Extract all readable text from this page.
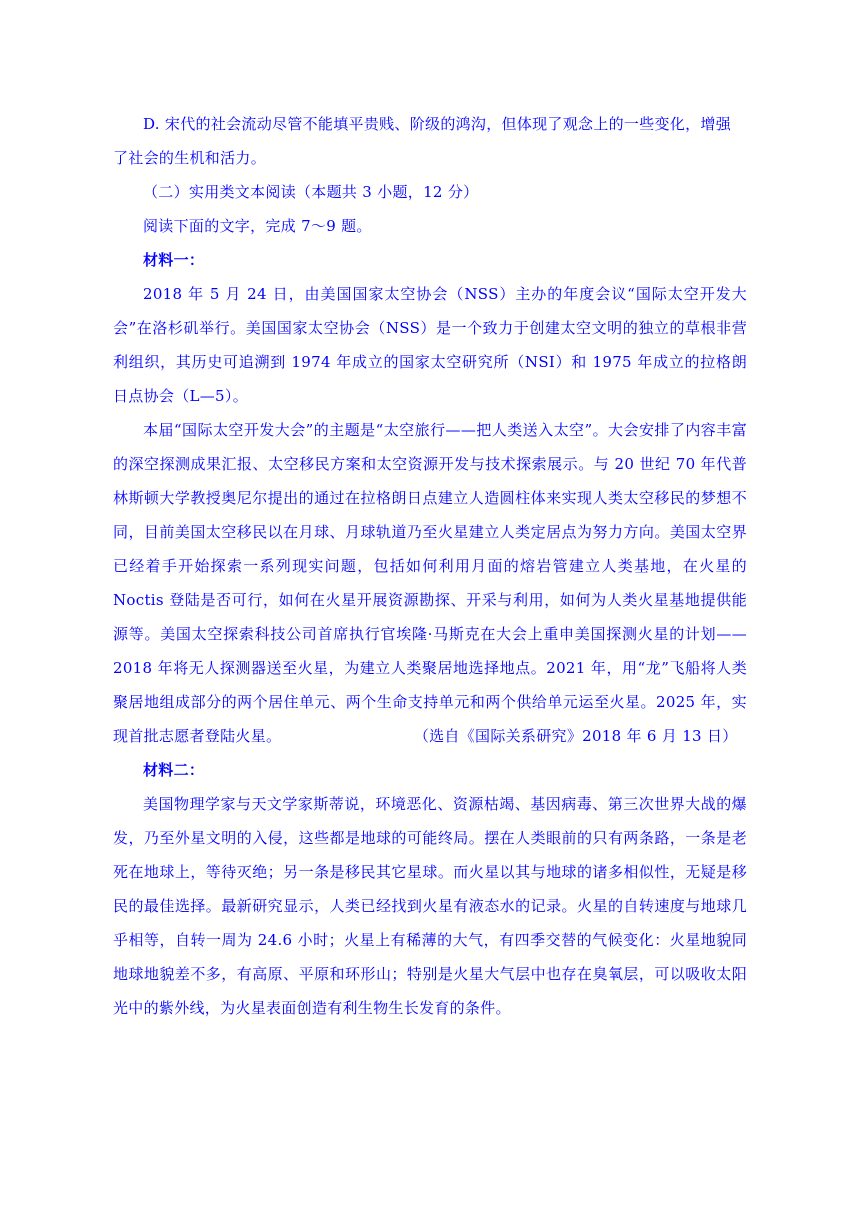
D. 宋代的社会流动尽管不能填平贵贱、阶级的鸿沟，但体现了观念上的一些变化，增强

了社会的生机和活力。

（二）实用类文本阅读（本题共 3 小题，12 分）

阅读下面的文字，完成 7～9 题。

材料一：

2018 年 5 月 24 日，由美国国家太空协会（NSS）主办的年度会议“国际太空开发大会”在洛杉矶举行。美国国家太空协会（NSS）是一个致力于创建太空文明的独立的草根非营利组织，其历史可追溯到 1974 年成立的国家太空研究所（NSI）和 1975 年成立的拉格朗日点协会（L—5）。

本届“国际太空开发大会”的主题是“太空旅行——把人类送入太空”。大会安排了内容丰富的深空探测成果汇报、太空移民方案和太空资源开发与技术探索展示。与 20 世纪 70 年代普林斯顿大学教授奥尼尔提出的通过在拉格朗日点建立人造圆柱体来实现人类太空移民的梦想不同，目前美国太空移民以在月球、月球轨道乃至火星建立人类定居点为努力方向。美国太空界已经着手开始探索一系列现实问题，包括如何利用月面的熔岩管建立人类基地，在火星的 Noctis 登陆是否可行，如何在火星开展资源勘探、开采与利用，如何为人类火星基地提供能源等。美国太空探索科技公司首席执行官埃隆·马斯克在大会上重申美国探测火星的计划——2018 年将无人探测器送至火星，为建立人类聚居地选择地点。2021 年，用“龙”飞船将人类聚居地组成部分的两个居住单元、两个生命支持单元和两个供给单元运至火星。2025 年，实现首批志愿者登陆火星。	（选自《国际关系研究》2018 年 6 月 13 日）

材料二：

美国物理学家与天文学家斯蒂说，环境恶化、资源枯竭、基因病毒、第三次世界大战的爆发，乃至外星文明的入侵，这些都是地球的可能终局。摆在人类眼前的只有两条路，一条是老死在地球上，等待灭绝；另一条是移民其它星球。而火星以其与地球的诸多相似性，无疑是移民的最佳选择。最新研究显示，人类已经找到火星有液态水的记录。火星的自转速度与地球几乎相等，自转一周为 24.6 小时；火星上有稀薄的大气，有四季交替的气候变化：火星地貌同地球地貌差不多，有高原、平原和环形山；特别是火星大气层中也存在臭氧层，可以吸收太阳光中的紫外线，为火星表面创造有利生物生长发育的条件。
